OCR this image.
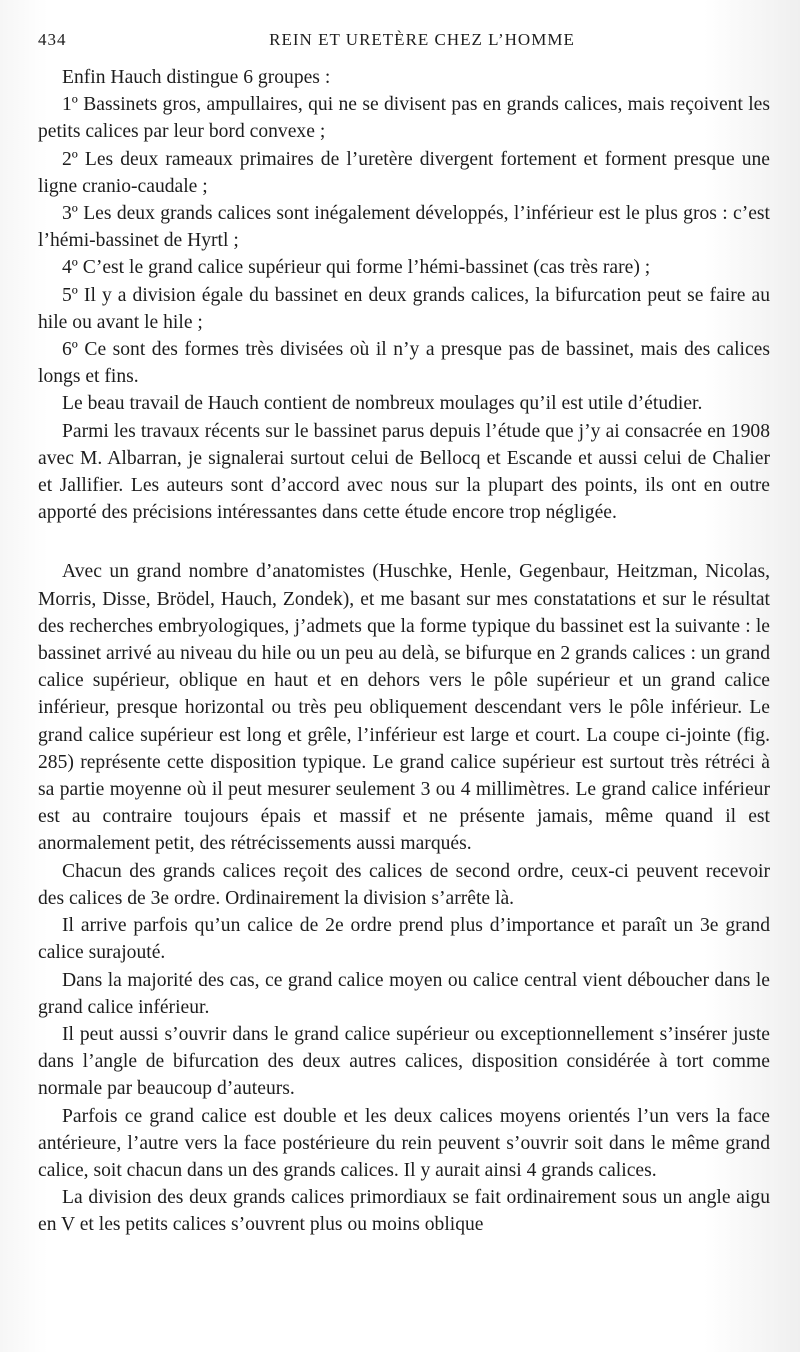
434	REIN ET URETÈRE CHEZ L’HOMME

Enfin Hauch distingue 6 groupes :

1º Bassinets gros, ampullaires, qui ne se divisent pas en grands calices, mais reçoivent les petits calices par leur bord convexe ;

2º Les deux rameaux primaires de l’uretère divergent fortement et forment presque une ligne cranio-caudale ;

3º Les deux grands calices sont inégalement développés, l’inférieur est le plus gros : c’est l’hémi-bassinet de Hyrtl ;

4º C’est le grand calice supérieur qui forme l’hémi-bassinet (cas très rare) ;

5º Il y a division égale du bassinet en deux grands calices, la bifurcation peut se faire au hile ou avant le hile ;

6º Ce sont des formes très divisées où il n’y a presque pas de bassinet, mais des calices longs et fins.

Le beau travail de Hauch contient de nombreux moulages qu’il est utile d’étudier.

Parmi les travaux récents sur le bassinet parus depuis l’étude que j’y ai consacrée en 1908 avec M. Albarran, je signalerai surtout celui de Bellocq et Escande et aussi celui de Chalier et Jallifier. Les auteurs sont d’accord avec nous sur la plupart des points, ils ont en outre apporté des précisions intéressantes dans cette étude encore trop négligée.

Avec un grand nombre d’anatomistes (Huschke, Henle, Gegenbaur, Heitzman, Nicolas, Morris, Disse, Brödel, Hauch, Zondek), et me basant sur mes constatations et sur le résultat des recherches embryologiques, j’admets que la forme typique du bassinet est la suivante : le bassinet arrivé au niveau du hile ou un peu au delà, se bifurque en 2 grands calices : un grand calice supérieur, oblique en haut et en dehors vers le pôle supérieur et un grand calice inférieur, presque horizontal ou très peu obliquement descendant vers le pôle inférieur. Le grand calice supérieur est long et grêle, l’inférieur est large et court. La coupe ci-jointe (fig. 285) représente cette disposition typique. Le grand calice supérieur est surtout très rétréci à sa partie moyenne où il peut mesurer seulement 3 ou 4 millimètres. Le grand calice inférieur est au contraire toujours épais et massif et ne présente jamais, même quand il est anormalement petit, des rétrécissements aussi marqués.

Chacun des grands calices reçoit des calices de second ordre, ceux-ci peuvent recevoir des calices de 3e ordre. Ordinairement la division s’arrête là.

Il arrive parfois qu’un calice de 2e ordre prend plus d’importance et paraît un 3e grand calice surajouté.

Dans la majorité des cas, ce grand calice moyen ou calice central vient déboucher dans le grand calice inférieur.

Il peut aussi s’ouvrir dans le grand calice supérieur ou exceptionnellement s’insérer juste dans l’angle de bifurcation des deux autres calices, disposition considérée à tort comme normale par beaucoup d’auteurs.

Parfois ce grand calice est double et les deux calices moyens orientés l’un vers la face antérieure, l’autre vers la face postérieure du rein peuvent s’ouvrir soit dans le même grand calice, soit chacun dans un des grands calices. Il y aurait ainsi 4 grands calices.

La division des deux grands calices primordiaux se fait ordinairement sous un angle aigu en V et les petits calices s’ouvrent plus ou moins oblique
